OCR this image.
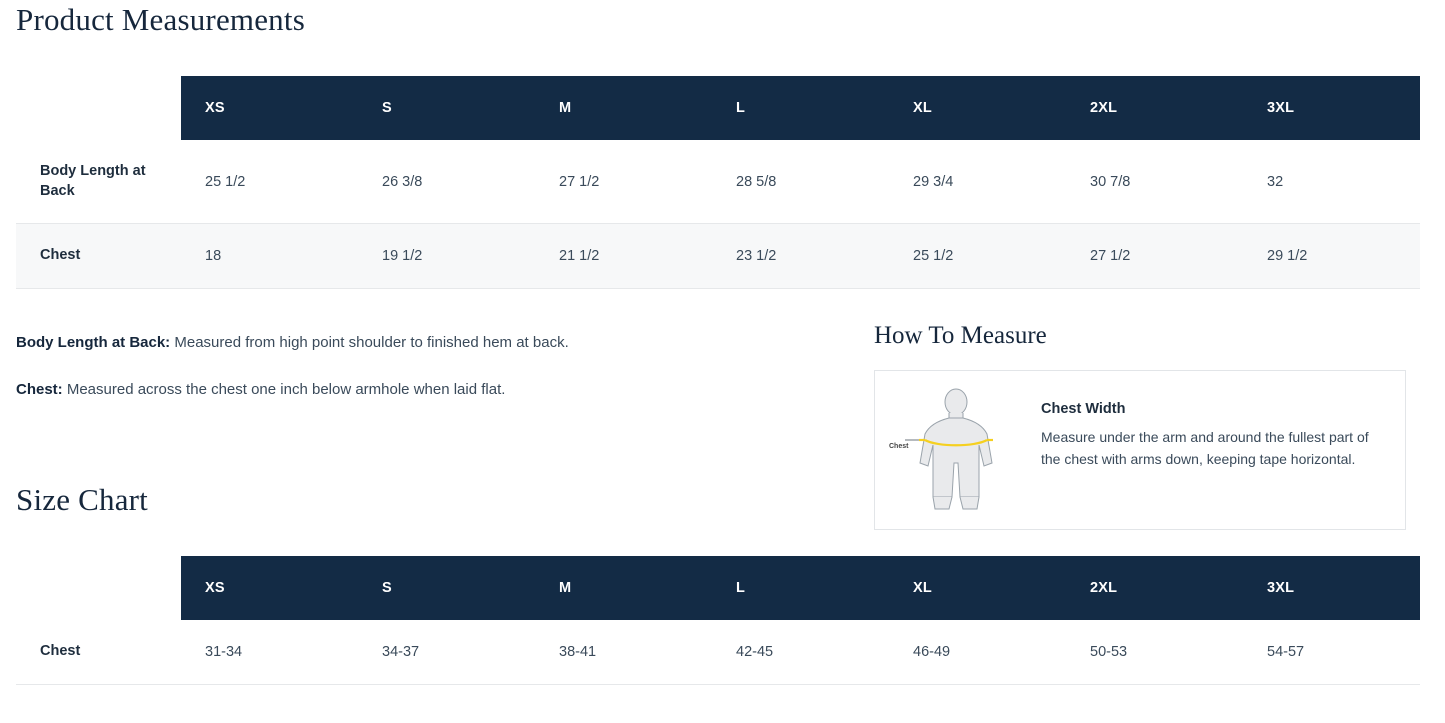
Product Measurements

	XS	S	M	L	XL	2XL	3XL

Body Length at Back	25 1/2	26 3/8	27 1/2	28 5/8	29 3/4	30 7/8	32

Chest	18	19 1/2	21 1/2	23 1/2	25 1/2	27 1/2	29 1/2
Body Length at Back: Measured from high point shoulder to finished hem at back.
Chest: Measured across the chest one inch below armhole when laid flat.
How To Measure
Chest
Chest Width

Measure under the arm and around the fullest part of the chest with arms down, keeping tape horizontal.

Size Chart

	XS	S	M	L	XL	2XL	3XL

Chest	31-34	34-37	38-41	42-45	46-49	50-53	54-57
